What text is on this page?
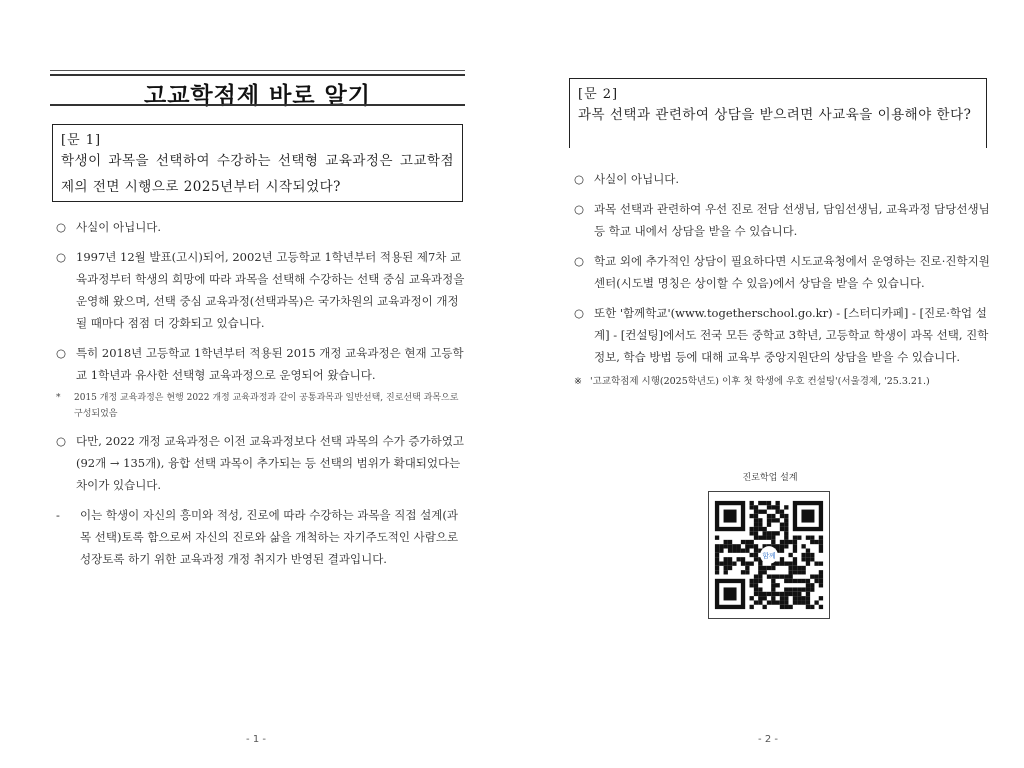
고교학점제 바로 알기
[문 1]
학생이 과목을 선택하여 수강하는 선택형 교육과정은 고교학점제의 전면 시행으로 2025년부터 시작되었다?
○ 사실이 아닙니다.
○ 1997년 12월 발표(고시)되어, 2002년 고등학교 1학년부터 적용된 제7차 교육과정부터 학생의 희망에 따라 과목을 선택해 수강하는 선택 중심 교육과정을 운영해 왔으며, 선택 중심 교육과정(선택과목)은 국가차원의 교육과정이 개정될 때마다 점점 더 강화되고 있습니다.
○ 특히 2018년 고등학교 1학년부터 적용된 2015 개정 교육과정은 현재 고등학교 1학년과 유사한 선택형 교육과정으로 운영되어 왔습니다.
* 2015 개정 교육과정은 현행 2022 개정 교육과정과 같이 공통과목과 일반선택, 진로선택 과목으로 구성되었음
○ 다만, 2022 개정 교육과정은 이전 교육과정보다 선택 과목의 수가 증가하였고(92개 → 135개), 융합 선택 과목이 추가되는 등 선택의 범위가 확대되었다는 차이가 있습니다.
- 이는 학생이 자신의 흥미와 적성, 진로에 따라 수강하는 과목을 직접 설계(과목 선택)토록 함으로써 자신의 진로와 삶을 개척하는 자기주도적인 사람으로 성장토록 하기 위한 교육과정 개정 취지가 반영된 결과입니다.
- 1 -
[문 2]
과목 선택과 관련하여 상담을 받으려면 사교육을 이용해야 한다?
○ 사실이 아닙니다.
○ 과목 선택과 관련하여 우선 진로 전담 선생님, 담임선생님, 교육과정 담당선생님 등 학교 내에서 상담을 받을 수 있습니다.
○ 학교 외에 추가적인 상담이 필요하다면 시도교육청에서 운영하는 진로·진학지원센터(시도별 명칭은 상이할 수 있음)에서 상담을 받을 수 있습니다.
○ 또한 '함께학교'(www.togetherschool.go.kr) - [스터디카페] - [진로·학업 설계] - [컨설팅]에서도 전국 모든 중학교 3학년, 고등학교 학생이 과목 선택, 진학 정보, 학습 방법 등에 대해 교육부 중앙지원단의 상담을 받을 수 있습니다.
※ '고교학점제 시행(2025학년도) 이후 첫 학생에 우호 컨설팅'(서울경제, '25.3.21.)
진로학업 설계
함께
- 2 -
